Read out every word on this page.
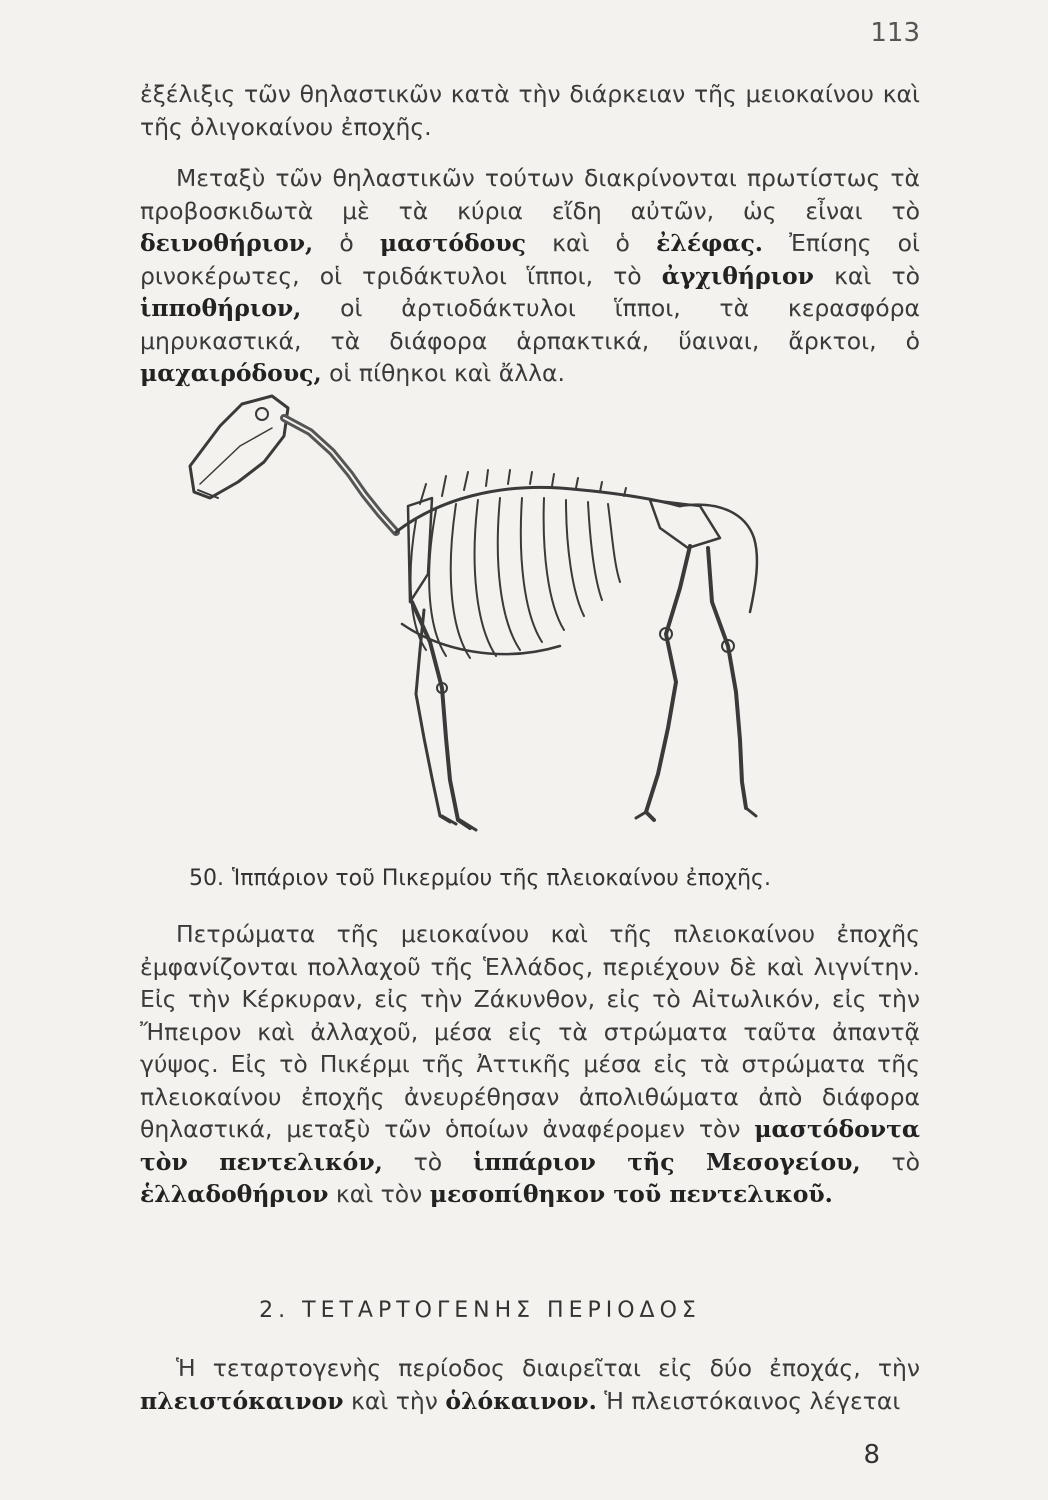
113

ἐξέλιξις τῶν θηλαστικῶν κατὰ τὴν διάρκειαν τῆς μειοκαίνου καὶ τῆς ὀλιγοκαίνου ἐποχῆς.

Μεταξὺ τῶν θηλαστικῶν τούτων διακρίνονται πρωτίστως τὰ προβοσκιδωτὰ μὲ τὰ κύρια εἴδη αὐτῶν, ὡς εἶναι τὸ δεινοθήριον, ὁ μαστόδους καὶ ὁ ἐλέφας. Ἐπίσης οἱ ρινοκέρωτες, οἱ τριδάκτυλοι ἵπποι, τὸ ἀγχιθήριον καὶ τὸ ἱπποθήριον, οἱ ἀρτιοδάκτυλοι ἵπποι, τὰ κερασφόρα μηρυκαστικά, τὰ διάφορα ἁρπακτικά, ὕαιναι, ἄρκτοι, ὁ μαχαιρόδους, οἱ πίθηκοι καὶ ἄλλα.

50. Ἱππάριον τοῦ Πικερμίου τῆς πλειοκαίνου ἐποχῆς.

Πετρώματα τῆς μειοκαίνου καὶ τῆς πλειοκαίνου ἐποχῆς ἐμφανίζονται πολλαχοῦ τῆς Ἑλλάδος, περιέχουν δὲ καὶ λιγνίτην. Εἰς τὴν Κέρκυραν, εἰς τὴν Ζάκυνθον, εἰς τὸ Αἰτωλικόν, εἰς τὴν Ἤπειρον καὶ ἀλλαχοῦ, μέσα εἰς τὰ στρώματα ταῦτα ἀπαντᾷ γύψος. Εἰς τὸ Πικέρμι τῆς Ἀττικῆς μέσα εἰς τὰ στρώματα τῆς πλειοκαίνου ἐποχῆς ἀνευρέθησαν ἀπολιθώματα ἀπὸ διάφορα θηλαστικά, μεταξὺ τῶν ὁποίων ἀναφέρομεν τὸν μαστόδοντα τὸν πεντελικόν, τὸ ἱππάριον τῆς Μεσογείου, τὸ ἑλλαδοθήριον καὶ τὸν μεσοπίθηκον τοῦ πεντελικοῦ.

2. ΤΕΤΑΡΤΟΓΕΝΗΣ ΠΕΡΙΟΔΟΣ

Ἡ τεταρτογενὴς περίοδος διαιρεῖται εἰς δύο ἐποχάς, τὴν πλειστόκαινον καὶ τὴν ὁλόκαινον. Ἡ πλειστόκαινος λέγεται

8
